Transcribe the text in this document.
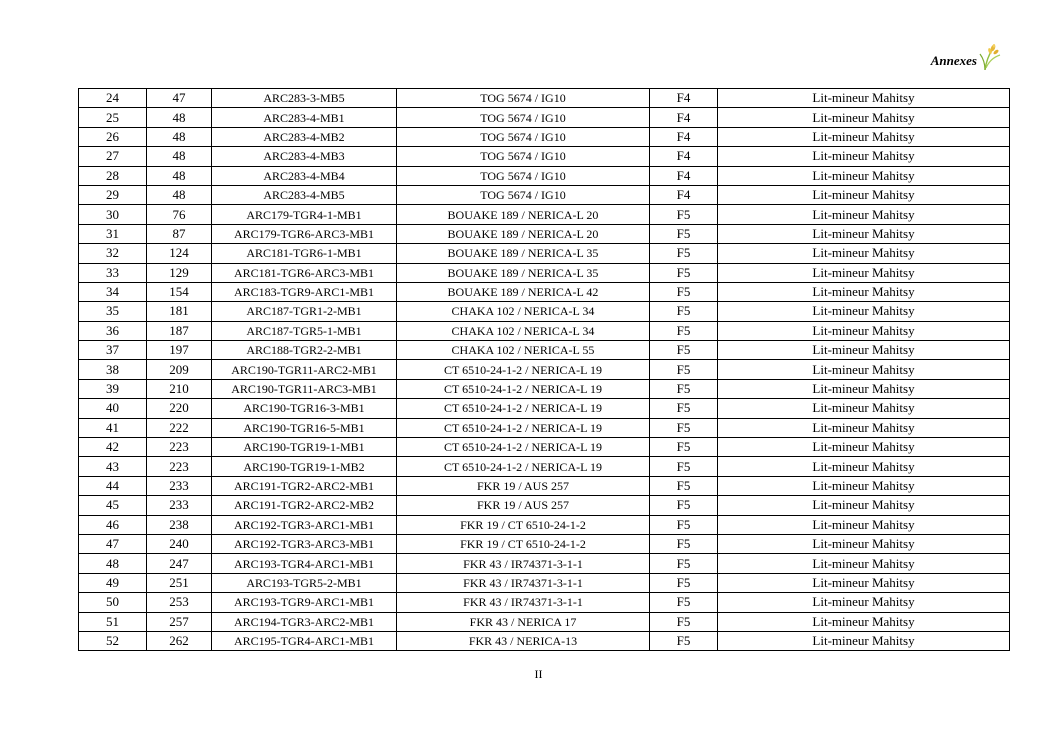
Annexes
24	47	ARC283-3-MB5	TOG 5674 / IG10	F4	Lit-mineur Mahitsy
25	48	ARC283-4-MB1	TOG 5674 / IG10	F4	Lit-mineur Mahitsy
26	48	ARC283-4-MB2	TOG 5674 / IG10	F4	Lit-mineur Mahitsy
27	48	ARC283-4-MB3	TOG 5674 / IG10	F4	Lit-mineur Mahitsy
28	48	ARC283-4-MB4	TOG 5674 / IG10	F4	Lit-mineur Mahitsy
29	48	ARC283-4-MB5	TOG 5674 / IG10	F4	Lit-mineur Mahitsy
30	76	ARC179-TGR4-1-MB1	BOUAKE 189 / NERICA-L 20	F5	Lit-mineur Mahitsy
31	87	ARC179-TGR6-ARC3-MB1	BOUAKE 189 / NERICA-L 20	F5	Lit-mineur Mahitsy
32	124	ARC181-TGR6-1-MB1	BOUAKE 189 / NERICA-L 35	F5	Lit-mineur Mahitsy
33	129	ARC181-TGR6-ARC3-MB1	BOUAKE 189 / NERICA-L 35	F5	Lit-mineur Mahitsy
34	154	ARC183-TGR9-ARC1-MB1	BOUAKE 189 / NERICA-L 42	F5	Lit-mineur Mahitsy
35	181	ARC187-TGR1-2-MB1	CHAKA 102 / NERICA-L 34	F5	Lit-mineur Mahitsy
36	187	ARC187-TGR5-1-MB1	CHAKA 102 / NERICA-L 34	F5	Lit-mineur Mahitsy
37	197	ARC188-TGR2-2-MB1	CHAKA 102 / NERICA-L 55	F5	Lit-mineur Mahitsy
38	209	ARC190-TGR11-ARC2-MB1	CT 6510-24-1-2 / NERICA-L 19	F5	Lit-mineur Mahitsy
39	210	ARC190-TGR11-ARC3-MB1	CT 6510-24-1-2 / NERICA-L 19	F5	Lit-mineur Mahitsy
40	220	ARC190-TGR16-3-MB1	CT 6510-24-1-2 / NERICA-L 19	F5	Lit-mineur Mahitsy
41	222	ARC190-TGR16-5-MB1	CT 6510-24-1-2 / NERICA-L 19	F5	Lit-mineur Mahitsy
42	223	ARC190-TGR19-1-MB1	CT 6510-24-1-2 / NERICA-L 19	F5	Lit-mineur Mahitsy
43	223	ARC190-TGR19-1-MB2	CT 6510-24-1-2 / NERICA-L 19	F5	Lit-mineur Mahitsy
44	233	ARC191-TGR2-ARC2-MB1	FKR 19 / AUS 257	F5	Lit-mineur Mahitsy
45	233	ARC191-TGR2-ARC2-MB2	FKR 19 / AUS 257	F5	Lit-mineur Mahitsy
46	238	ARC192-TGR3-ARC1-MB1	FKR 19 / CT 6510-24-1-2	F5	Lit-mineur Mahitsy
47	240	ARC192-TGR3-ARC3-MB1	FKR 19 / CT 6510-24-1-2	F5	Lit-mineur Mahitsy
48	247	ARC193-TGR4-ARC1-MB1	FKR 43 / IR74371-3-1-1	F5	Lit-mineur Mahitsy
49	251	ARC193-TGR5-2-MB1	FKR 43 / IR74371-3-1-1	F5	Lit-mineur Mahitsy
50	253	ARC193-TGR9-ARC1-MB1	FKR 43 / IR74371-3-1-1	F5	Lit-mineur Mahitsy
51	257	ARC194-TGR3-ARC2-MB1	FKR 43 / NERICA 17	F5	Lit-mineur Mahitsy
52	262	ARC195-TGR4-ARC1-MB1	FKR 43 / NERICA-13	F5	Lit-mineur Mahitsy
II
